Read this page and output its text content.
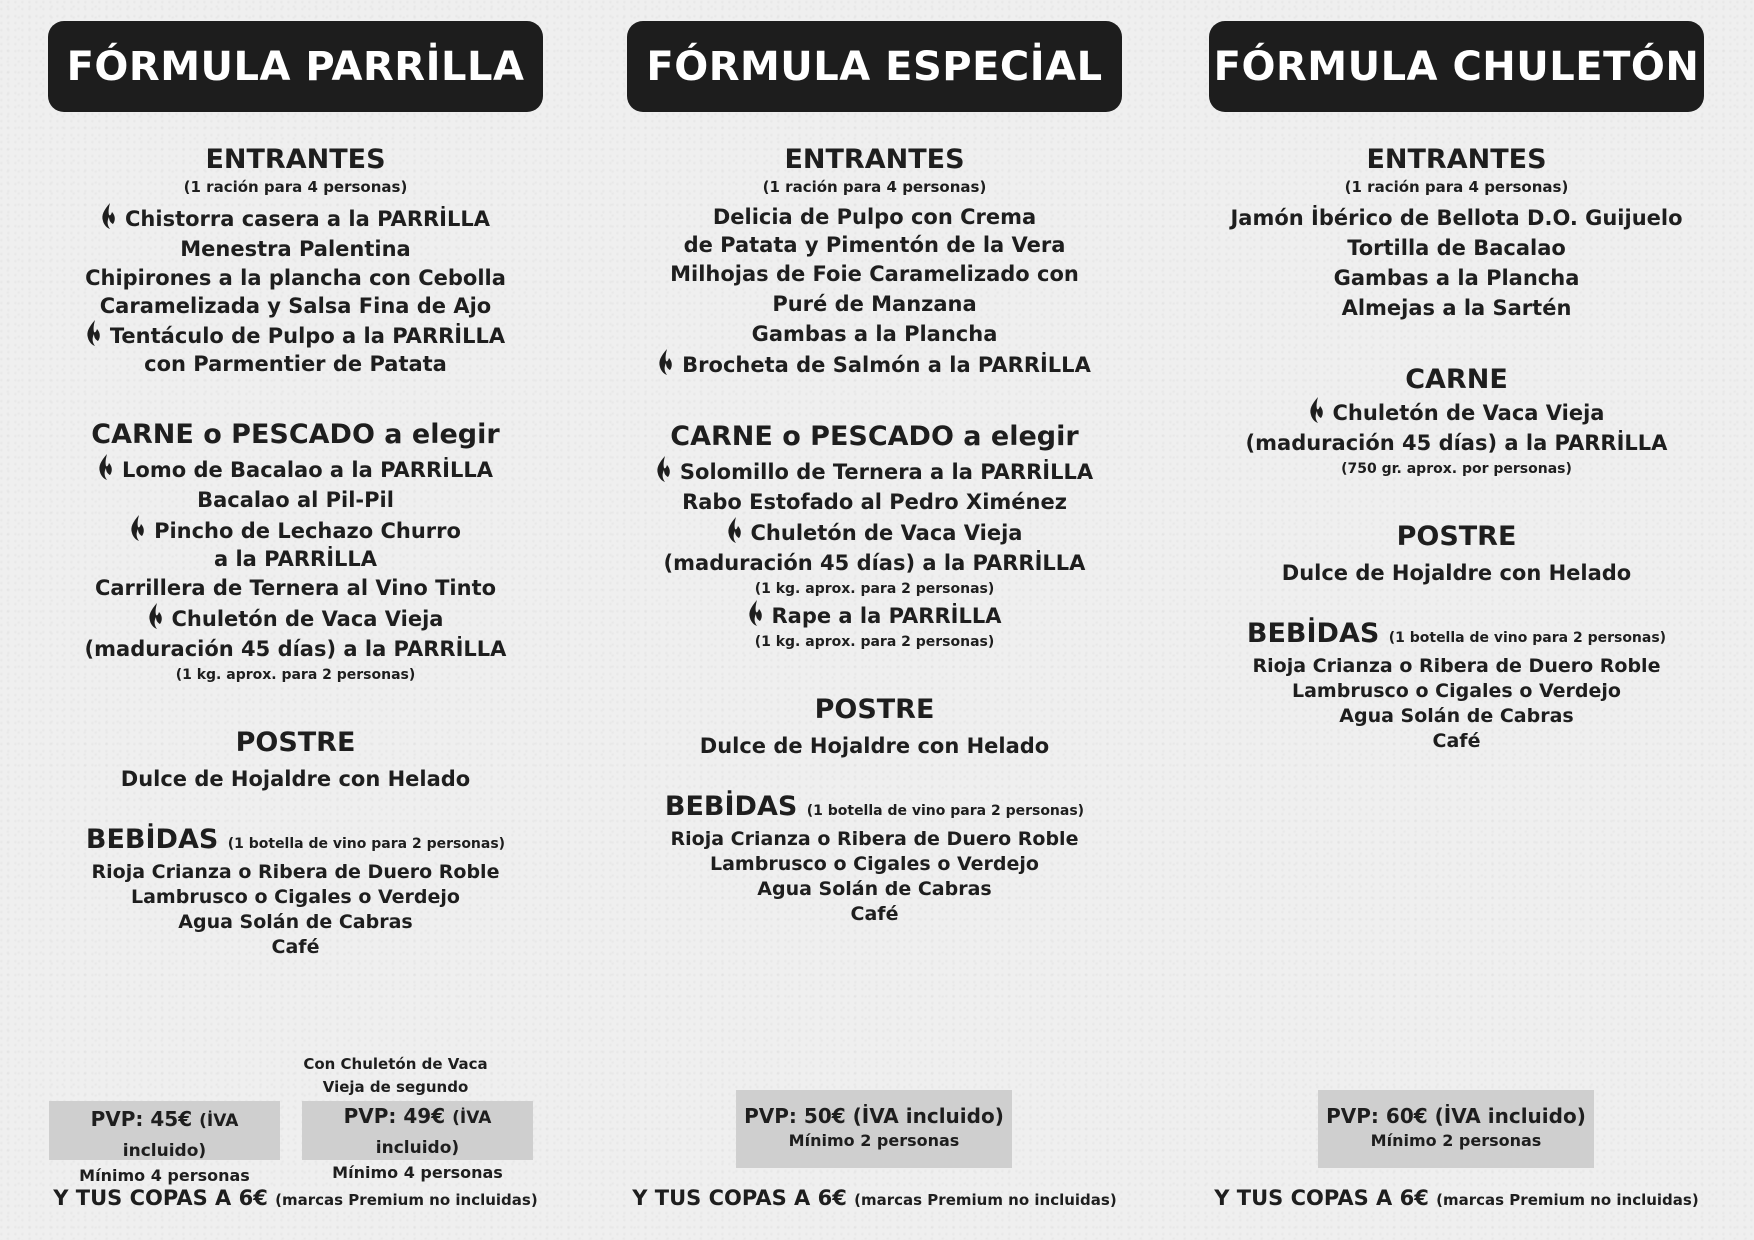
FÓRMULA PARRİLLA
ENTRANTES
(1 ración para 4 personas)
Chistorra casera a la PARRİLLA
Menestra Palentina
Chipirones a la plancha con Cebolla
Caramelizada y Salsa Fina de Ajo
Tentáculo de Pulpo a la PARRİLLA
con Parmentier de Patata
CARNE o PESCADO a elegir
Lomo de Bacalao a la PARRİLLA
Bacalao al Pil-Pil
Pincho de Lechazo Churro
a la PARRİLLA
Carrillera de Ternera al Vino Tinto
Chuletón de Vaca Vieja
(maduración 45 días) a la PARRİLLA
(1 kg. aprox. para 2 personas)
POSTRE
Dulce de Hojaldre con Helado
BEBİDAS (1 botella de vino para 2 personas)
Rioja Crianza o Ribera de Duero Roble
Lambrusco o Cigales o Verdejo
Agua Solán de Cabras
Café
Con Chuletón de Vaca Vieja de segundo
PVP: 45€ (İVA incluido)
Mínimo 4 personas
PVP: 49€ (İVA incluido)
Mínimo 4 personas
Y TUS COPAS A 6€ (marcas Premium no incluidas)
FÓRMULA ESPECİAL
ENTRANTES
(1 ración para 4 personas)
Delicia de Pulpo con Crema
de Patata y Pimentón de la Vera
Milhojas de Foie Caramelizado con
Puré de Manzana
Gambas a la Plancha
Brocheta de Salmón a la PARRİLLA
CARNE o PESCADO a elegir
Solomillo de Ternera a la PARRİLLA
Rabo Estofado al Pedro Ximénez
Chuletón de Vaca Vieja
(maduración 45 días) a la PARRİLLA
(1 kg. aprox. para 2 personas)
Rape a la PARRİLLA
(1 kg. aprox. para 2 personas)
POSTRE
Dulce de Hojaldre con Helado
BEBİDAS (1 botella de vino para 2 personas)
Rioja Crianza o Ribera de Duero Roble
Lambrusco o Cigales o Verdejo
Agua Solán de Cabras
Café
PVP: 50€ (İVA incluido)
Mínimo 2 personas
Y TUS COPAS A 6€ (marcas Premium no incluidas)
FÓRMULA CHULETÓN
ENTRANTES
(1 ración para 4 personas)
Jamón İbérico de Bellota D.O. Guijuelo
Tortilla de Bacalao
Gambas a la Plancha
Almejas a la Sartén
CARNE
Chuletón de Vaca Vieja
(maduración 45 días) a la PARRİLLA
(750 gr. aprox. por personas)
POSTRE
Dulce de Hojaldre con Helado
BEBİDAS (1 botella de vino para 2 personas)
Rioja Crianza o Ribera de Duero Roble
Lambrusco o Cigales o Verdejo
Agua Solán de Cabras
Café
PVP: 60€ (İVA incluido)
Mínimo 2 personas
Y TUS COPAS A 6€ (marcas Premium no incluidas)
